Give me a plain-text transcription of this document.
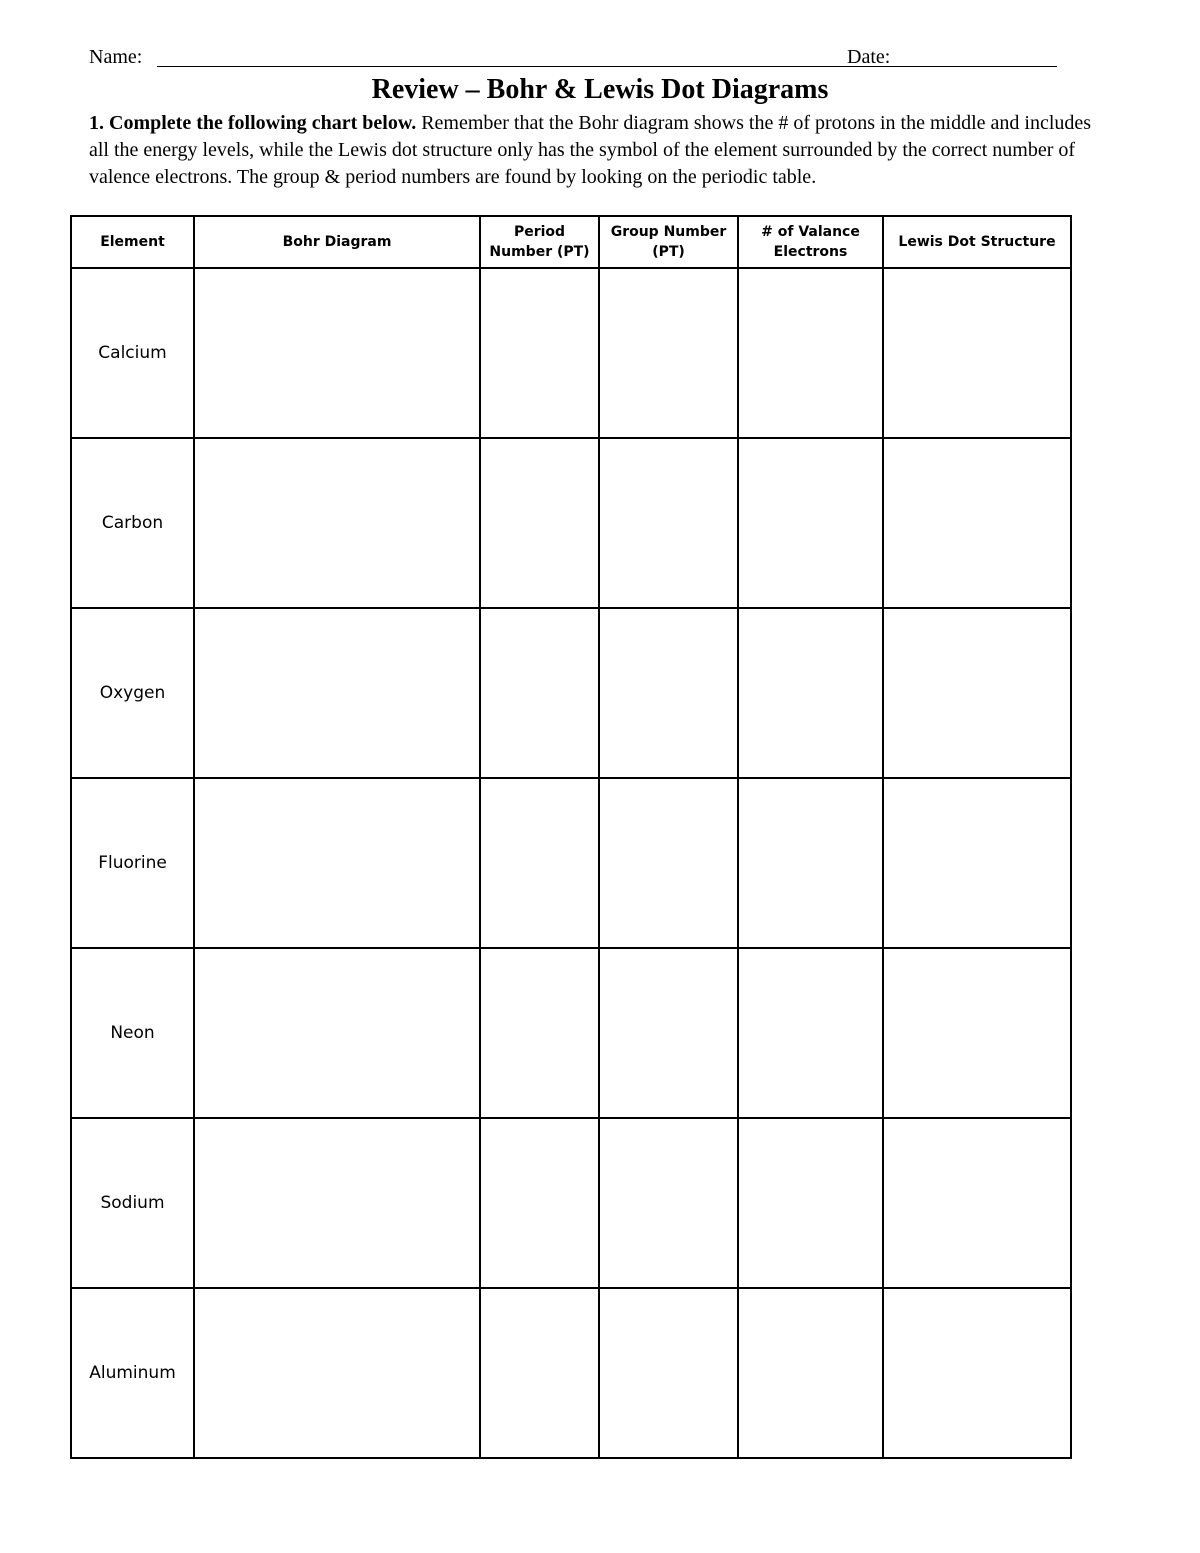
Name:	Date:
Review – Bohr & Lewis Dot Diagrams
1. Complete the following chart below. Remember that the Bohr diagram shows the # of protons in the middle and includes all the energy levels, while the Lewis dot structure only has the symbol of the element surrounded by the correct number of valence electrons. The group & period numbers are found by looking on the periodic table.
Element	Bohr Diagram	Period Number (PT)	Group Number (PT)	# of Valance Electrons	Lewis Dot Structure
Calcium					
Carbon					
Oxygen					
Fluorine					
Neon					
Sodium					
Aluminum					
